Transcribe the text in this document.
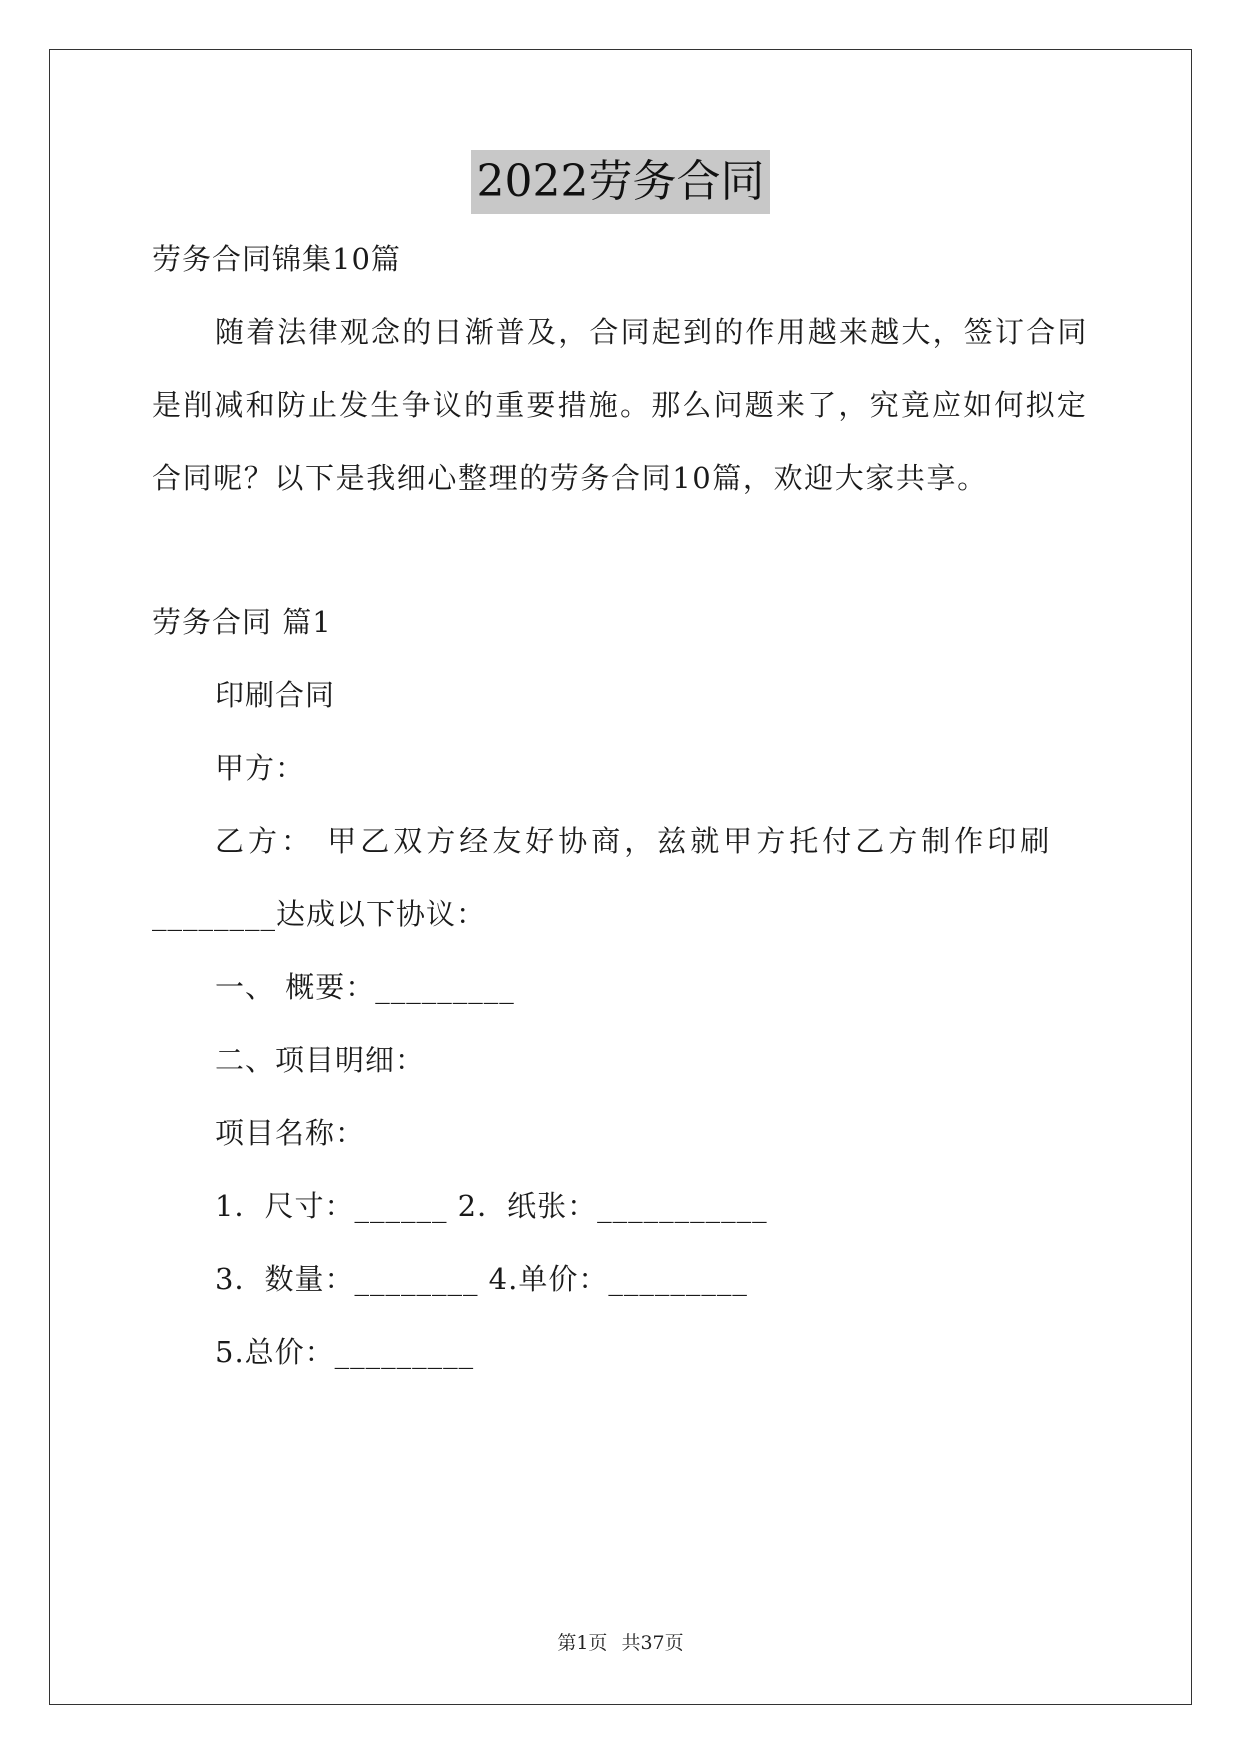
2022劳务合同
劳务合同锦集10篇
随着法律观念的日渐普及，合同起到的作用越来越大，签订合同
是削减和防止发生争议的重要措施。那么问题来了，究竟应如何拟定
合同呢？以下是我细心整理的劳务合同10篇，欢迎大家共享。
劳务合同 篇1
印刷合同
甲方：
乙方： 甲乙双方经友好协商，兹就甲方托付乙方制作印刷
________达成以下协议：
一、 概要：_________
二、项目明细：
项目名称：
1．尺寸：______ 2．纸张：___________
3．数量：________ 4.单价：_________
5.总价：_________
第1页 共37页
